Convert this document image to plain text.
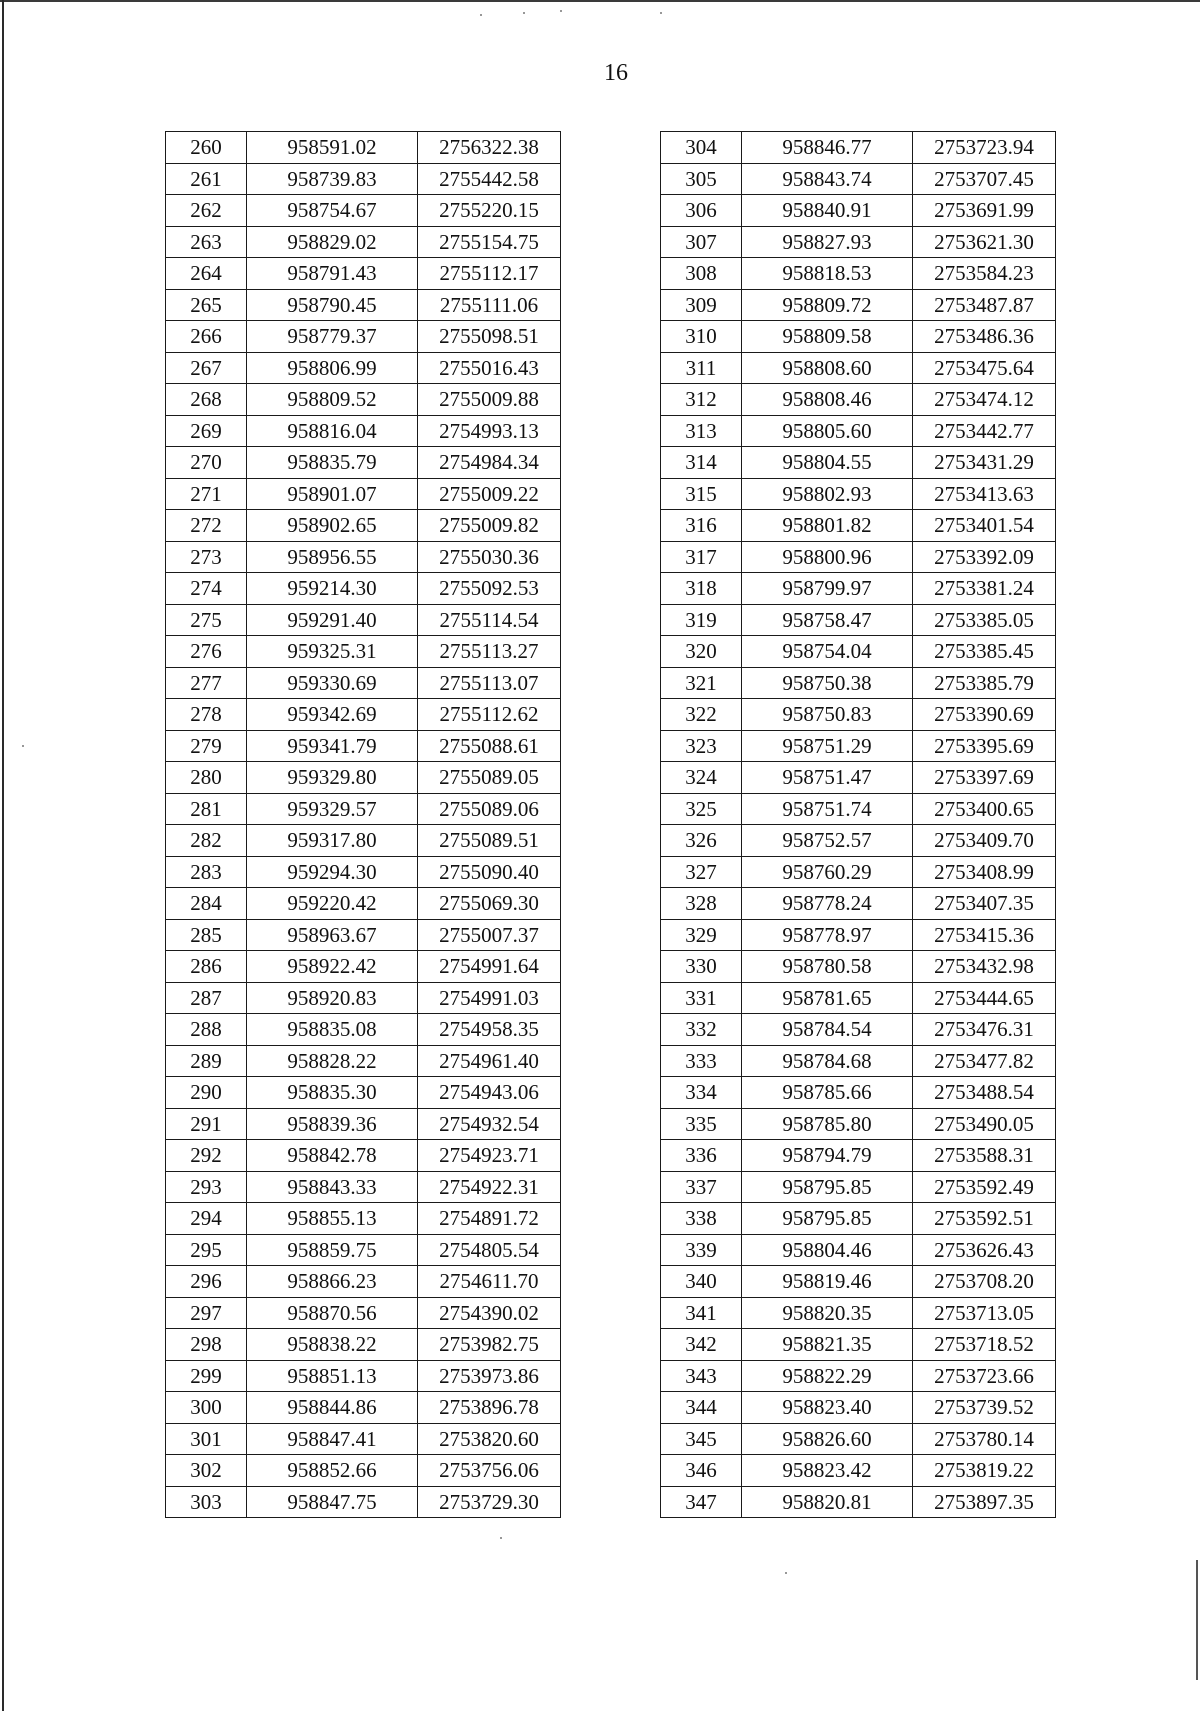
16
260	958591.02	2756322.38
261	958739.83	2755442.58
262	958754.67	2755220.15
263	958829.02	2755154.75
264	958791.43	2755112.17
265	958790.45	2755111.06
266	958779.37	2755098.51
267	958806.99	2755016.43
268	958809.52	2755009.88
269	958816.04	2754993.13
270	958835.79	2754984.34
271	958901.07	2755009.22
272	958902.65	2755009.82
273	958956.55	2755030.36
274	959214.30	2755092.53
275	959291.40	2755114.54
276	959325.31	2755113.27
277	959330.69	2755113.07
278	959342.69	2755112.62
279	959341.79	2755088.61
280	959329.80	2755089.05
281	959329.57	2755089.06
282	959317.80	2755089.51
283	959294.30	2755090.40
284	959220.42	2755069.30
285	958963.67	2755007.37
286	958922.42	2754991.64
287	958920.83	2754991.03
288	958835.08	2754958.35
289	958828.22	2754961.40
290	958835.30	2754943.06
291	958839.36	2754932.54
292	958842.78	2754923.71
293	958843.33	2754922.31
294	958855.13	2754891.72
295	958859.75	2754805.54
296	958866.23	2754611.70
297	958870.56	2754390.02
298	958838.22	2753982.75
299	958851.13	2753973.86
300	958844.86	2753896.78
301	958847.41	2753820.60
302	958852.66	2753756.06
303	958847.75	2753729.30
304	958846.77	2753723.94
305	958843.74	2753707.45
306	958840.91	2753691.99
307	958827.93	2753621.30
308	958818.53	2753584.23
309	958809.72	2753487.87
310	958809.58	2753486.36
311	958808.60	2753475.64
312	958808.46	2753474.12
313	958805.60	2753442.77
314	958804.55	2753431.29
315	958802.93	2753413.63
316	958801.82	2753401.54
317	958800.96	2753392.09
318	958799.97	2753381.24
319	958758.47	2753385.05
320	958754.04	2753385.45
321	958750.38	2753385.79
322	958750.83	2753390.69
323	958751.29	2753395.69
324	958751.47	2753397.69
325	958751.74	2753400.65
326	958752.57	2753409.70
327	958760.29	2753408.99
328	958778.24	2753407.35
329	958778.97	2753415.36
330	958780.58	2753432.98
331	958781.65	2753444.65
332	958784.54	2753476.31
333	958784.68	2753477.82
334	958785.66	2753488.54
335	958785.80	2753490.05
336	958794.79	2753588.31
337	958795.85	2753592.49
338	958795.85	2753592.51
339	958804.46	2753626.43
340	958819.46	2753708.20
341	958820.35	2753713.05
342	958821.35	2753718.52
343	958822.29	2753723.66
344	958823.40	2753739.52
345	958826.60	2753780.14
346	958823.42	2753819.22
347	958820.81	2753897.35
